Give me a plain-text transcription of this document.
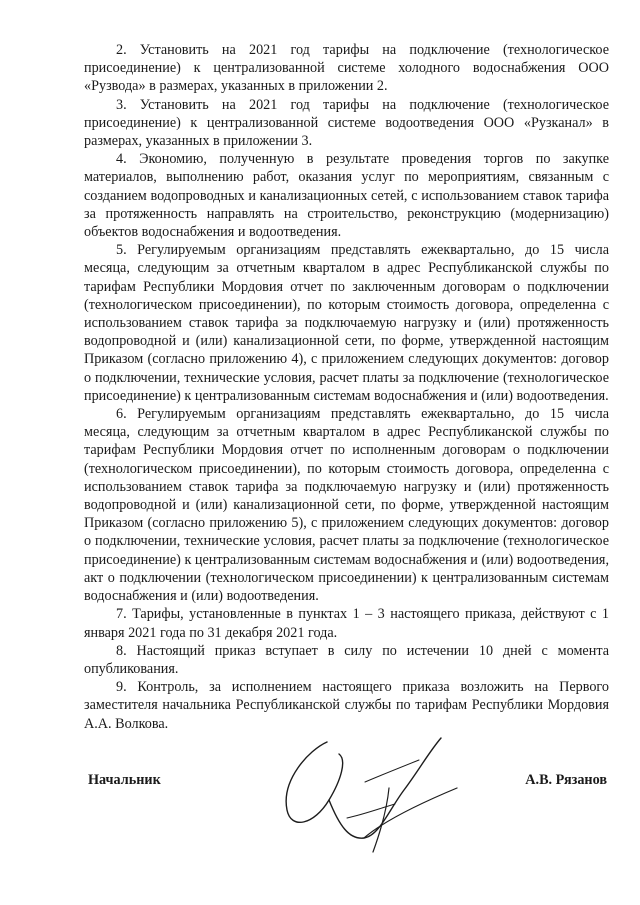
2. Установить на 2021 год тарифы на подключение (технологическое присоединение) к централизованной системе холодного водоснабжения ООО «Рузвода» в размерах, указанных в приложении 2.

3. Установить на 2021 год тарифы на подключение (технологическое присоединение) к централизованной системе водоотведения ООО «Рузканал» в размерах, указанных в приложении 3.

4. Экономию, полученную в результате проведения торгов по закупке материалов, выполнению работ, оказания услуг по мероприятиям, связанным с созданием водопроводных и канализационных сетей, с использованием ставок тарифа за протяженность направлять на строительство, реконструкцию (модернизацию) объектов водоснабжения и водоотведения.

5. Регулируемым организациям представлять ежеквартально, до 15 числа месяца, следующим за отчетным кварталом в адрес Республиканской службы по тарифам Республики Мордовия отчет по заключенным договорам о подключении (технологическом присоединении), по которым стоимость договора, определенна с использованием ставок тарифа за подключаемую нагрузку и (или) протяженность водопроводной и (или) канализационной сети, по форме, утвержденной настоящим Приказом (согласно приложению 4), с приложением следующих документов: договор о подключении, технические условия, расчет платы за подключение (технологическое присоединение) к централизованным системам водоснабжения и (или) водоотведения.

6. Регулируемым организациям представлять ежеквартально, до 15 числа месяца, следующим за отчетным кварталом в адрес Республиканской службы по тарифам Республики Мордовия отчет по исполненным договорам о подключении (технологическом присоединении), по которым стоимость договора, определенна с использованием ставок тарифа за подключаемую нагрузку и (или) протяженность водопроводной и (или) канализационной сети, по форме, утвержденной настоящим Приказом (согласно приложению 5), с приложением следующих документов: договор о подключении, технические условия, расчет платы за подключение (технологическое присоединение) к централизованным системам водоснабжения и (или) водоотведения, акт о подключении (технологическом присоединении) к централизованным системам водоснабжения и (или) водоотведения.

7. Тарифы, установленные в пунктах 1 – 3 настоящего приказа, действуют с 1 января 2021 года по 31 декабря 2021 года.

8. Настоящий приказ вступает в силу по истечении 10 дней с момента опубликования.

9. Контроль, за исполнением настоящего приказа возложить на Первого заместителя начальника Республиканской службы по тарифам Республики Мордовия А.А. Волкова.

Начальник	А.В. Рязанов
